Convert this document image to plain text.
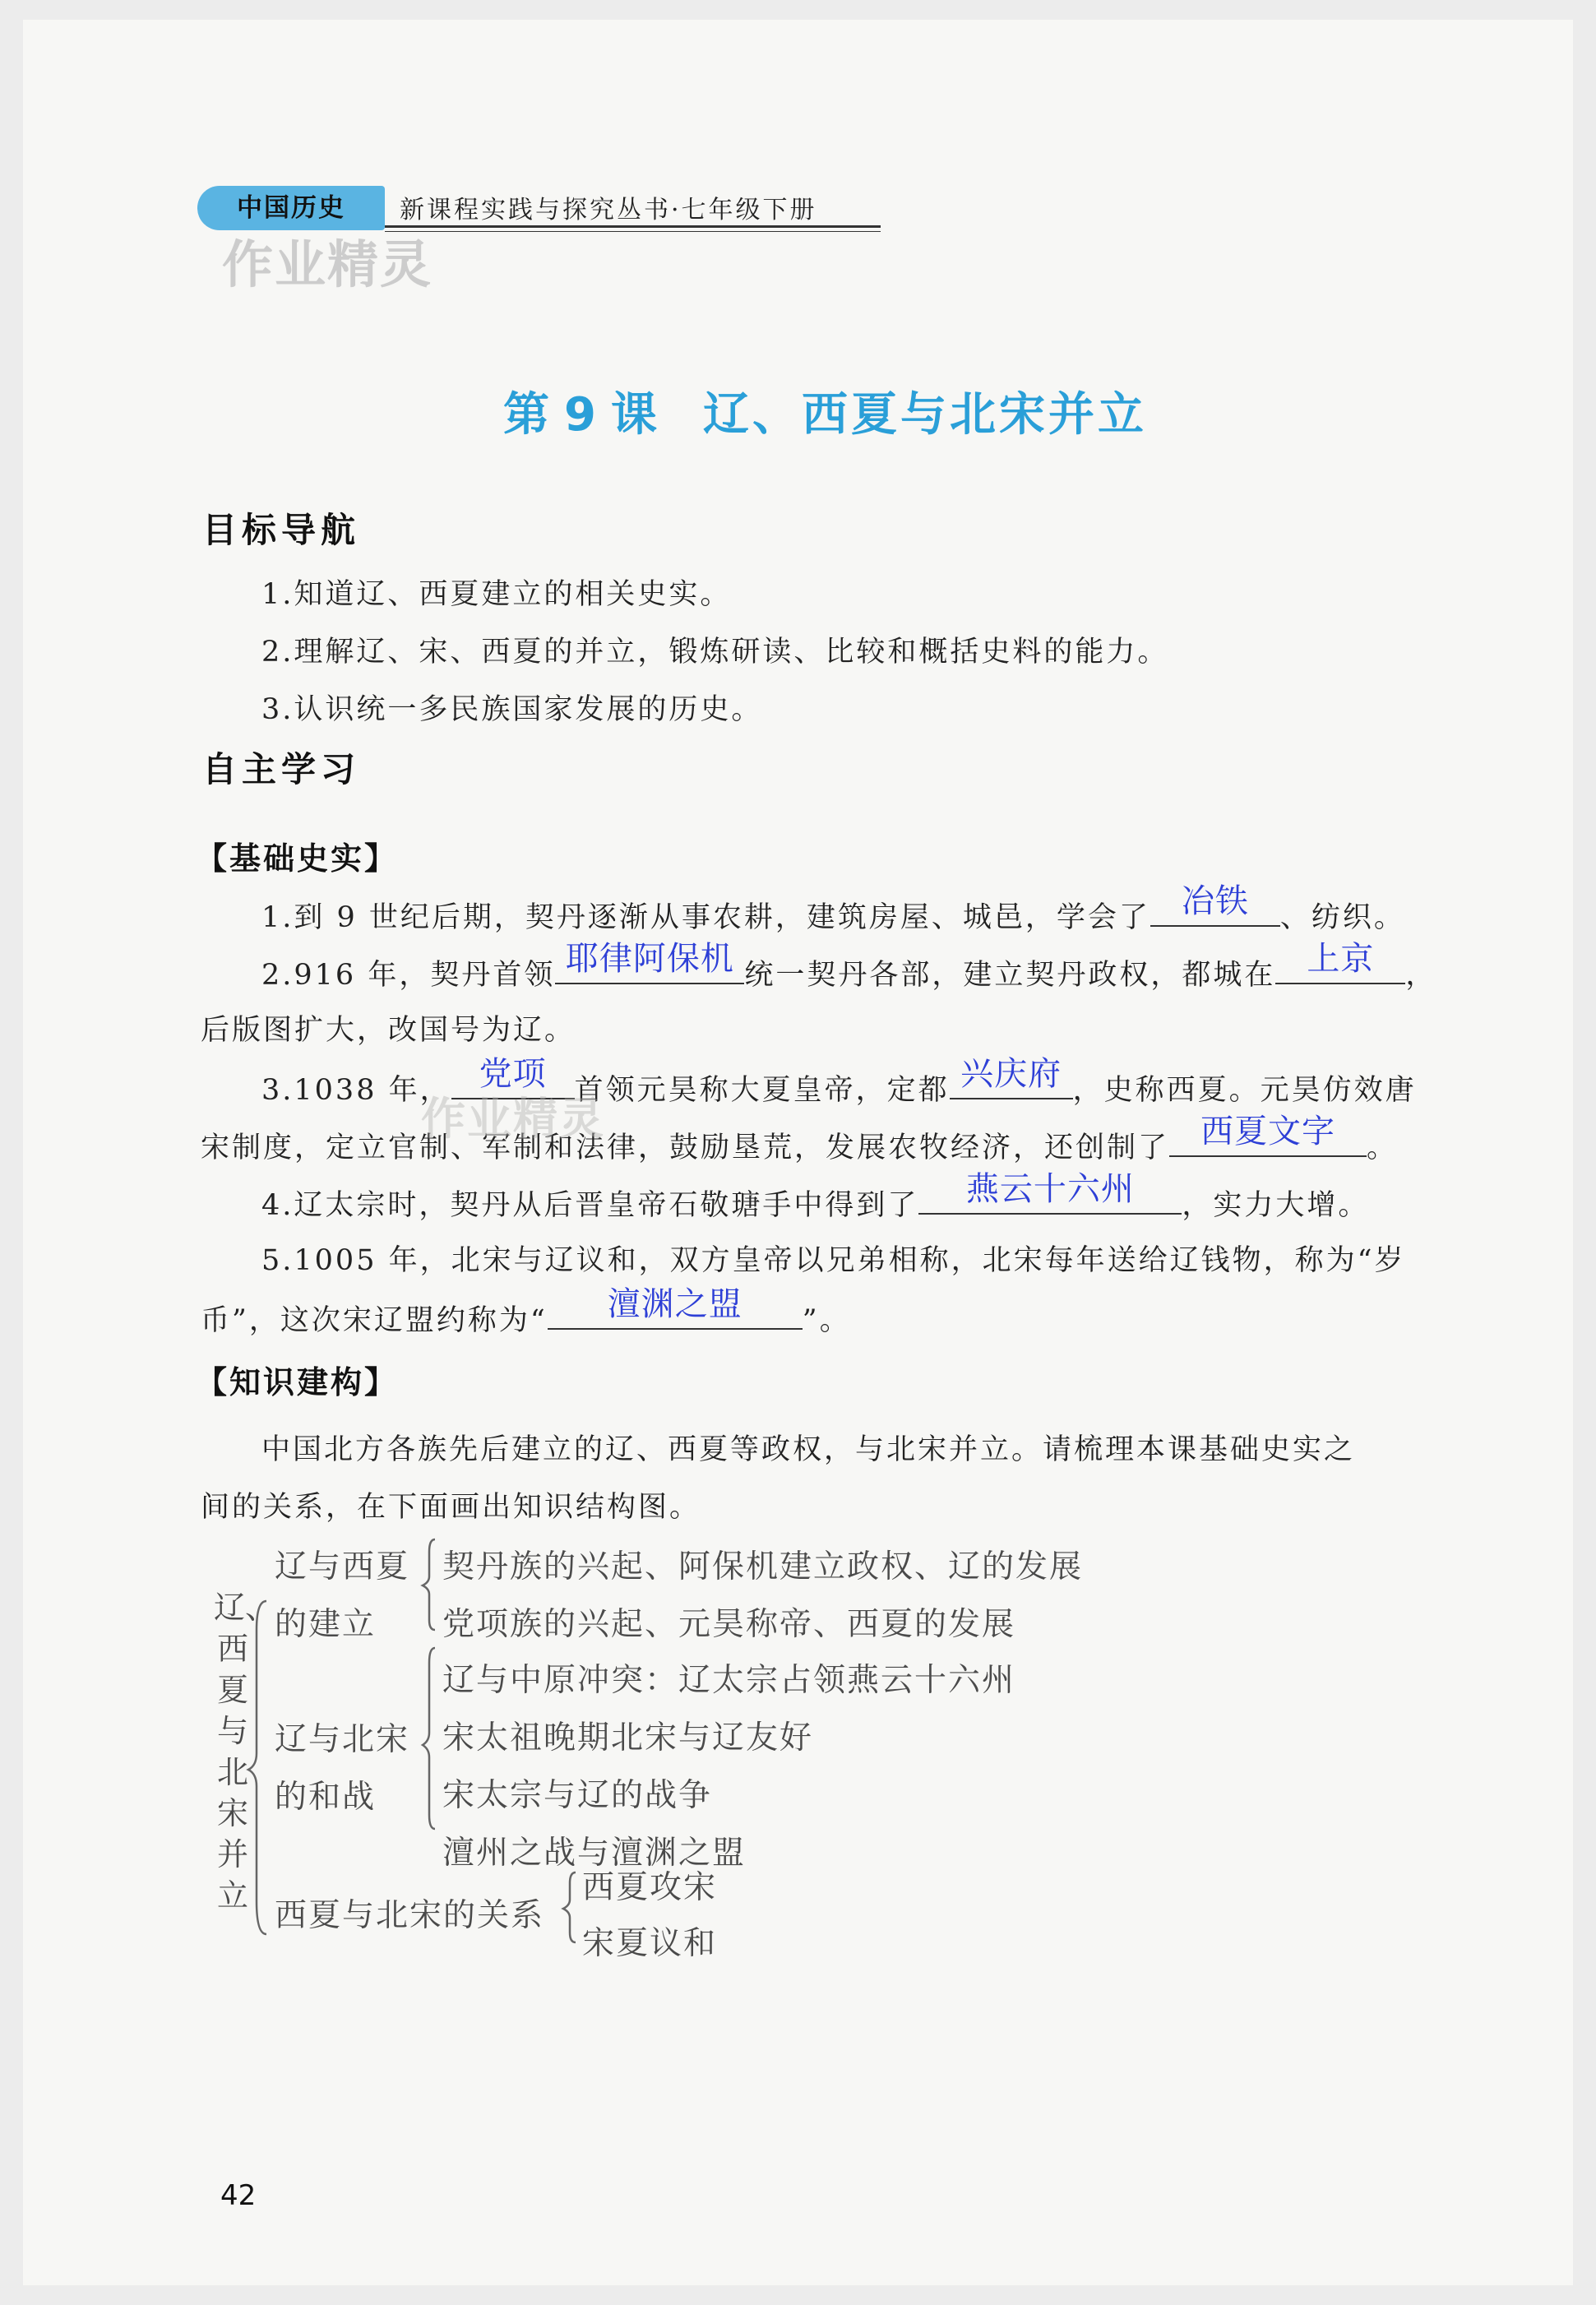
中国历史	新课程实践与探究丛书·七年级下册
作业精灵
第 9 课 辽、西夏与北宋并立
目标导航
1.知道辽、西夏建立的相关史实。
2.理解辽、宋、西夏的并立，锻炼研读、比较和概括史料的能力。
3.认识统一多民族国家发展的历史。
自主学习
【基础史实】
1.到 9 世纪后期，契丹逐渐从事农耕，建筑房屋、城邑，学会了 冶铁	、纺织。
2.916 年，契丹首领 耶律阿保机 统一契丹各部，建立契丹政权，都城在 上京	，
后版图扩大，改国号为辽。
3.1038 年， 党项 首领元昊称大夏皇帝，定都 兴庆府 ，史称西夏。元昊仿效唐
宋制度，定立官制、军制和法律，鼓励垦荒，发展农牧经济，还创制了 西夏文字	。
作业精灵
4.辽太宗时，契丹从后晋皇帝石敬瑭手中得到了	燕云十六州	，实力大增。
5.1005 年，北宋与辽议和，双方皇帝以兄弟相称，北宋每年送给辽钱物，称为“岁
币”，这次宋辽盟约称为“	澶渊之盟	”。
【知识建构】
中国北方各族先后建立的辽、西夏等政权，与北宋并立。请梳理本课基础史实之
间的关系，在下面画出知识结构图。
辽、西夏与北宋并立
辽与西夏
的建立
契丹族的兴起、阿保机建立政权、辽的发展
党项族的兴起、元昊称帝、西夏的发展
辽与北宋
的和战
辽与中原冲突：辽太宗占领燕云十六州
宋太祖晚期北宋与辽友好
宋太宗与辽的战争
澶州之战与澶渊之盟
西夏与北宋的关系
西夏攻宋
宋夏议和
42
